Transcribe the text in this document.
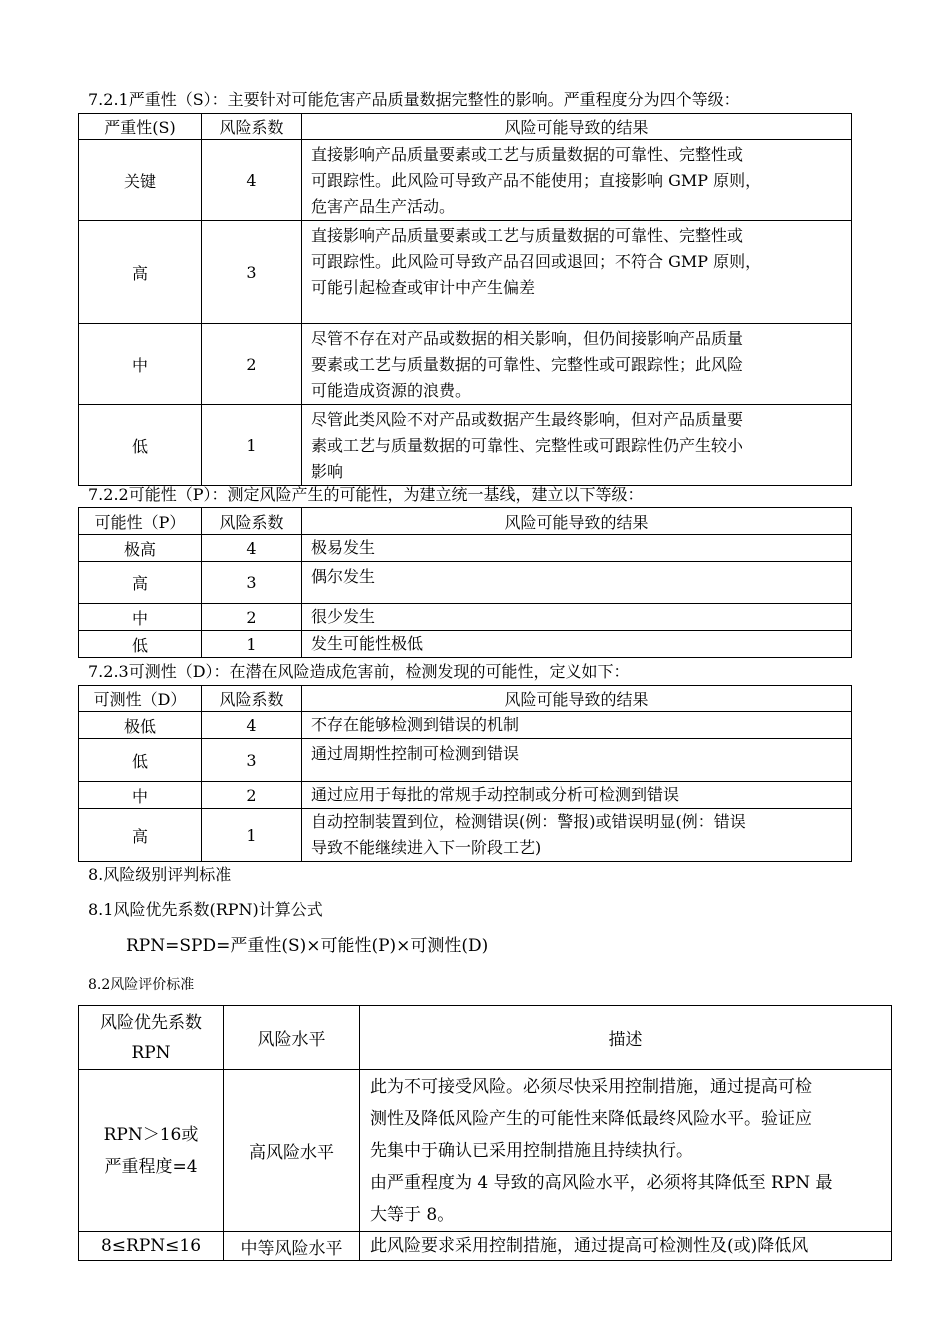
7.2.1严重性（S）：主要针对可能危害产品质量数据完整性的影响。严重程度分为四个等级：
严重性(S)	风险系数	风险可能导致的结果
关键	4	直接影响产品质量要素或工艺与质量数据的可靠性、完整性或
可跟踪性。此风险可导致产品不能使用；直接影响 GMP 原则，
危害产品生产活动。

高	3	直接影响产品质量要素或工艺与质量数据的可靠性、完整性或
可跟踪性。此风险可导致产品召回或退回；不符合 GMP 原则，
可能引起检查或审计中产生偏差

中	2	尽管不存在对产品或数据的相关影响，但仍间接影响产品质量
要素或工艺与质量数据的可靠性、完整性或可跟踪性；此风险
可能造成资源的浪费。

低	1	尽管此类风险不对产品或数据产生最终影响，但对产品质量要
素或工艺与质量数据的可靠性、完整性或可跟踪性仍产生较小
影响
7.2.2可能性（P）：测定风险产生的可能性，为建立统一基线，建立以下等级：
可能性（P）	风险系数	风险可能导致的结果
极高	4	极易发生
高	3	偶尔发生
中	2	很少发生
低	1	发生可能性极低
7.2.3可测性（D）：在潜在风险造成危害前，检测发现的可能性，定义如下：
可测性（D）	风险系数	风险可能导致的结果
极低	4	不存在能够检测到错误的机制
低	3	通过周期性控制可检测到错误
中	2	通过应用于每批的常规手动控制或分析可检测到错误
高	1	自动控制装置到位，检测错误(例：警报)或错误明显(例：错误
导致不能继续进入下一阶段工艺)
8.风险级别评判标准
8.1风险优先系数(RPN)计算公式
RPN=SPD=严重性(S)×可能性(P)×可测性(D)
8.2风险评价标准
风险优先系数
RPN	风险水平	描述

RPN＞16或
严重程度=4	高风险水平	此为不可接受风险。必须尽快采用控制措施，通过提高可检
测性及降低风险产生的可能性来降低最终风险水平。验证应
先集中于确认已采用控制措施且持续执行。
由严重程度为 4 导致的高风险水平，必须将其降低至 RPN 最
大等于 8。

8≤RPN≤16	中等风险水平	此风险要求采用控制措施，通过提高可检测性及(或)降低风
